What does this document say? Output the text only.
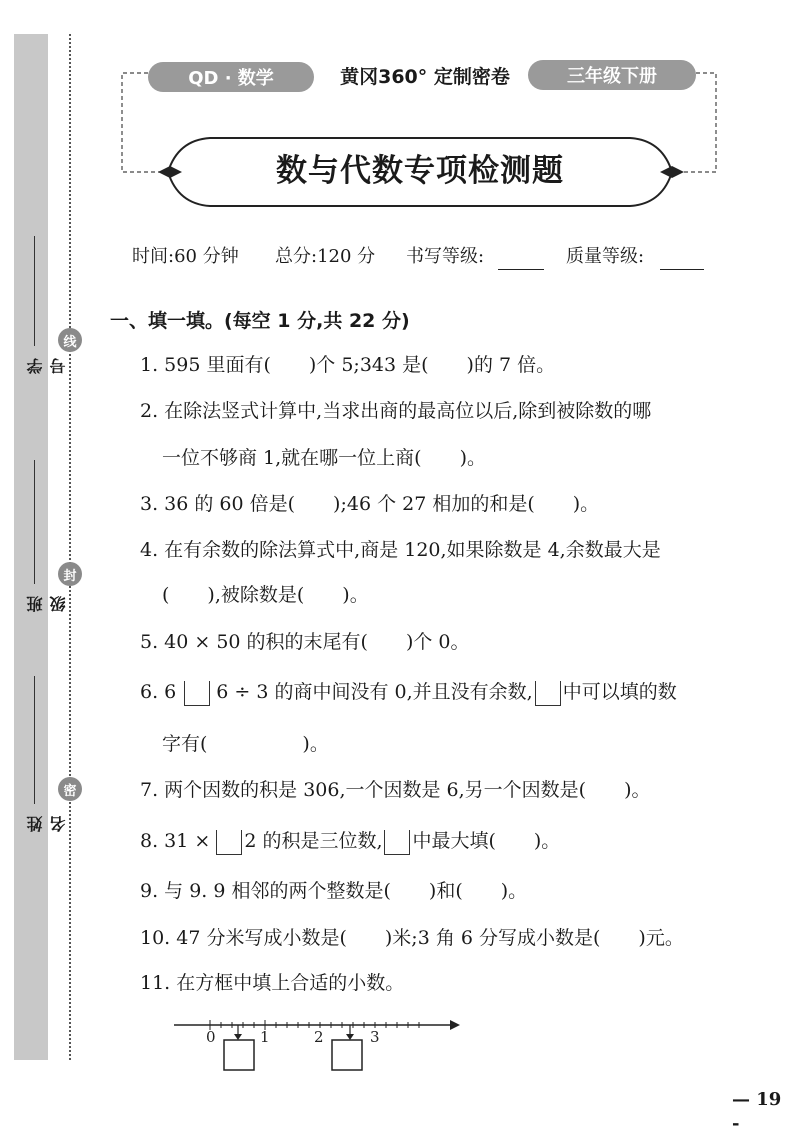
学号
班级
姓名
线
封
密
QD · 数学	黄冈360° 定制密卷	三年级下册
数与代数专项检测题
时间:60 分钟 总分:120 分 书写等级:	质量等级:
一、填一填。(每空 1 分,共 22 分)
1. 595 里面有(　　)个 5;343 是(　　)的 7 倍。
2. 在除法竖式计算中,当求出商的最高位以后,除到被除数的哪
一位不够商 1,就在哪一位上商(　　)。
3. 36 的 60 倍是(　　);46 个 27 相加的和是(　　)。
4. 在有余数的除法算式中,商是 120,如果除数是 4,余数最大是
(　　),被除数是(　　)。
5. 40 × 50 的积的末尾有(　　)个 0。
6. 6 6 ÷ 3 的商中间没有 0,并且没有余数, 中可以填的数
字有(　　　　　)。
7. 两个因数的积是 306,一个因数是 6,另一个因数是(　　)。
8. 31 × 2 的积是三位数, 中最大填(　　)。
9. 与 9. 9 相邻的两个整数是(　　)和(　　)。
10. 47 分米写成小数是(　　)米;3 角 6 分写成小数是(　　)元。
11. 在方框中填上合适的小数。
0	1	2	3
— 19 -
